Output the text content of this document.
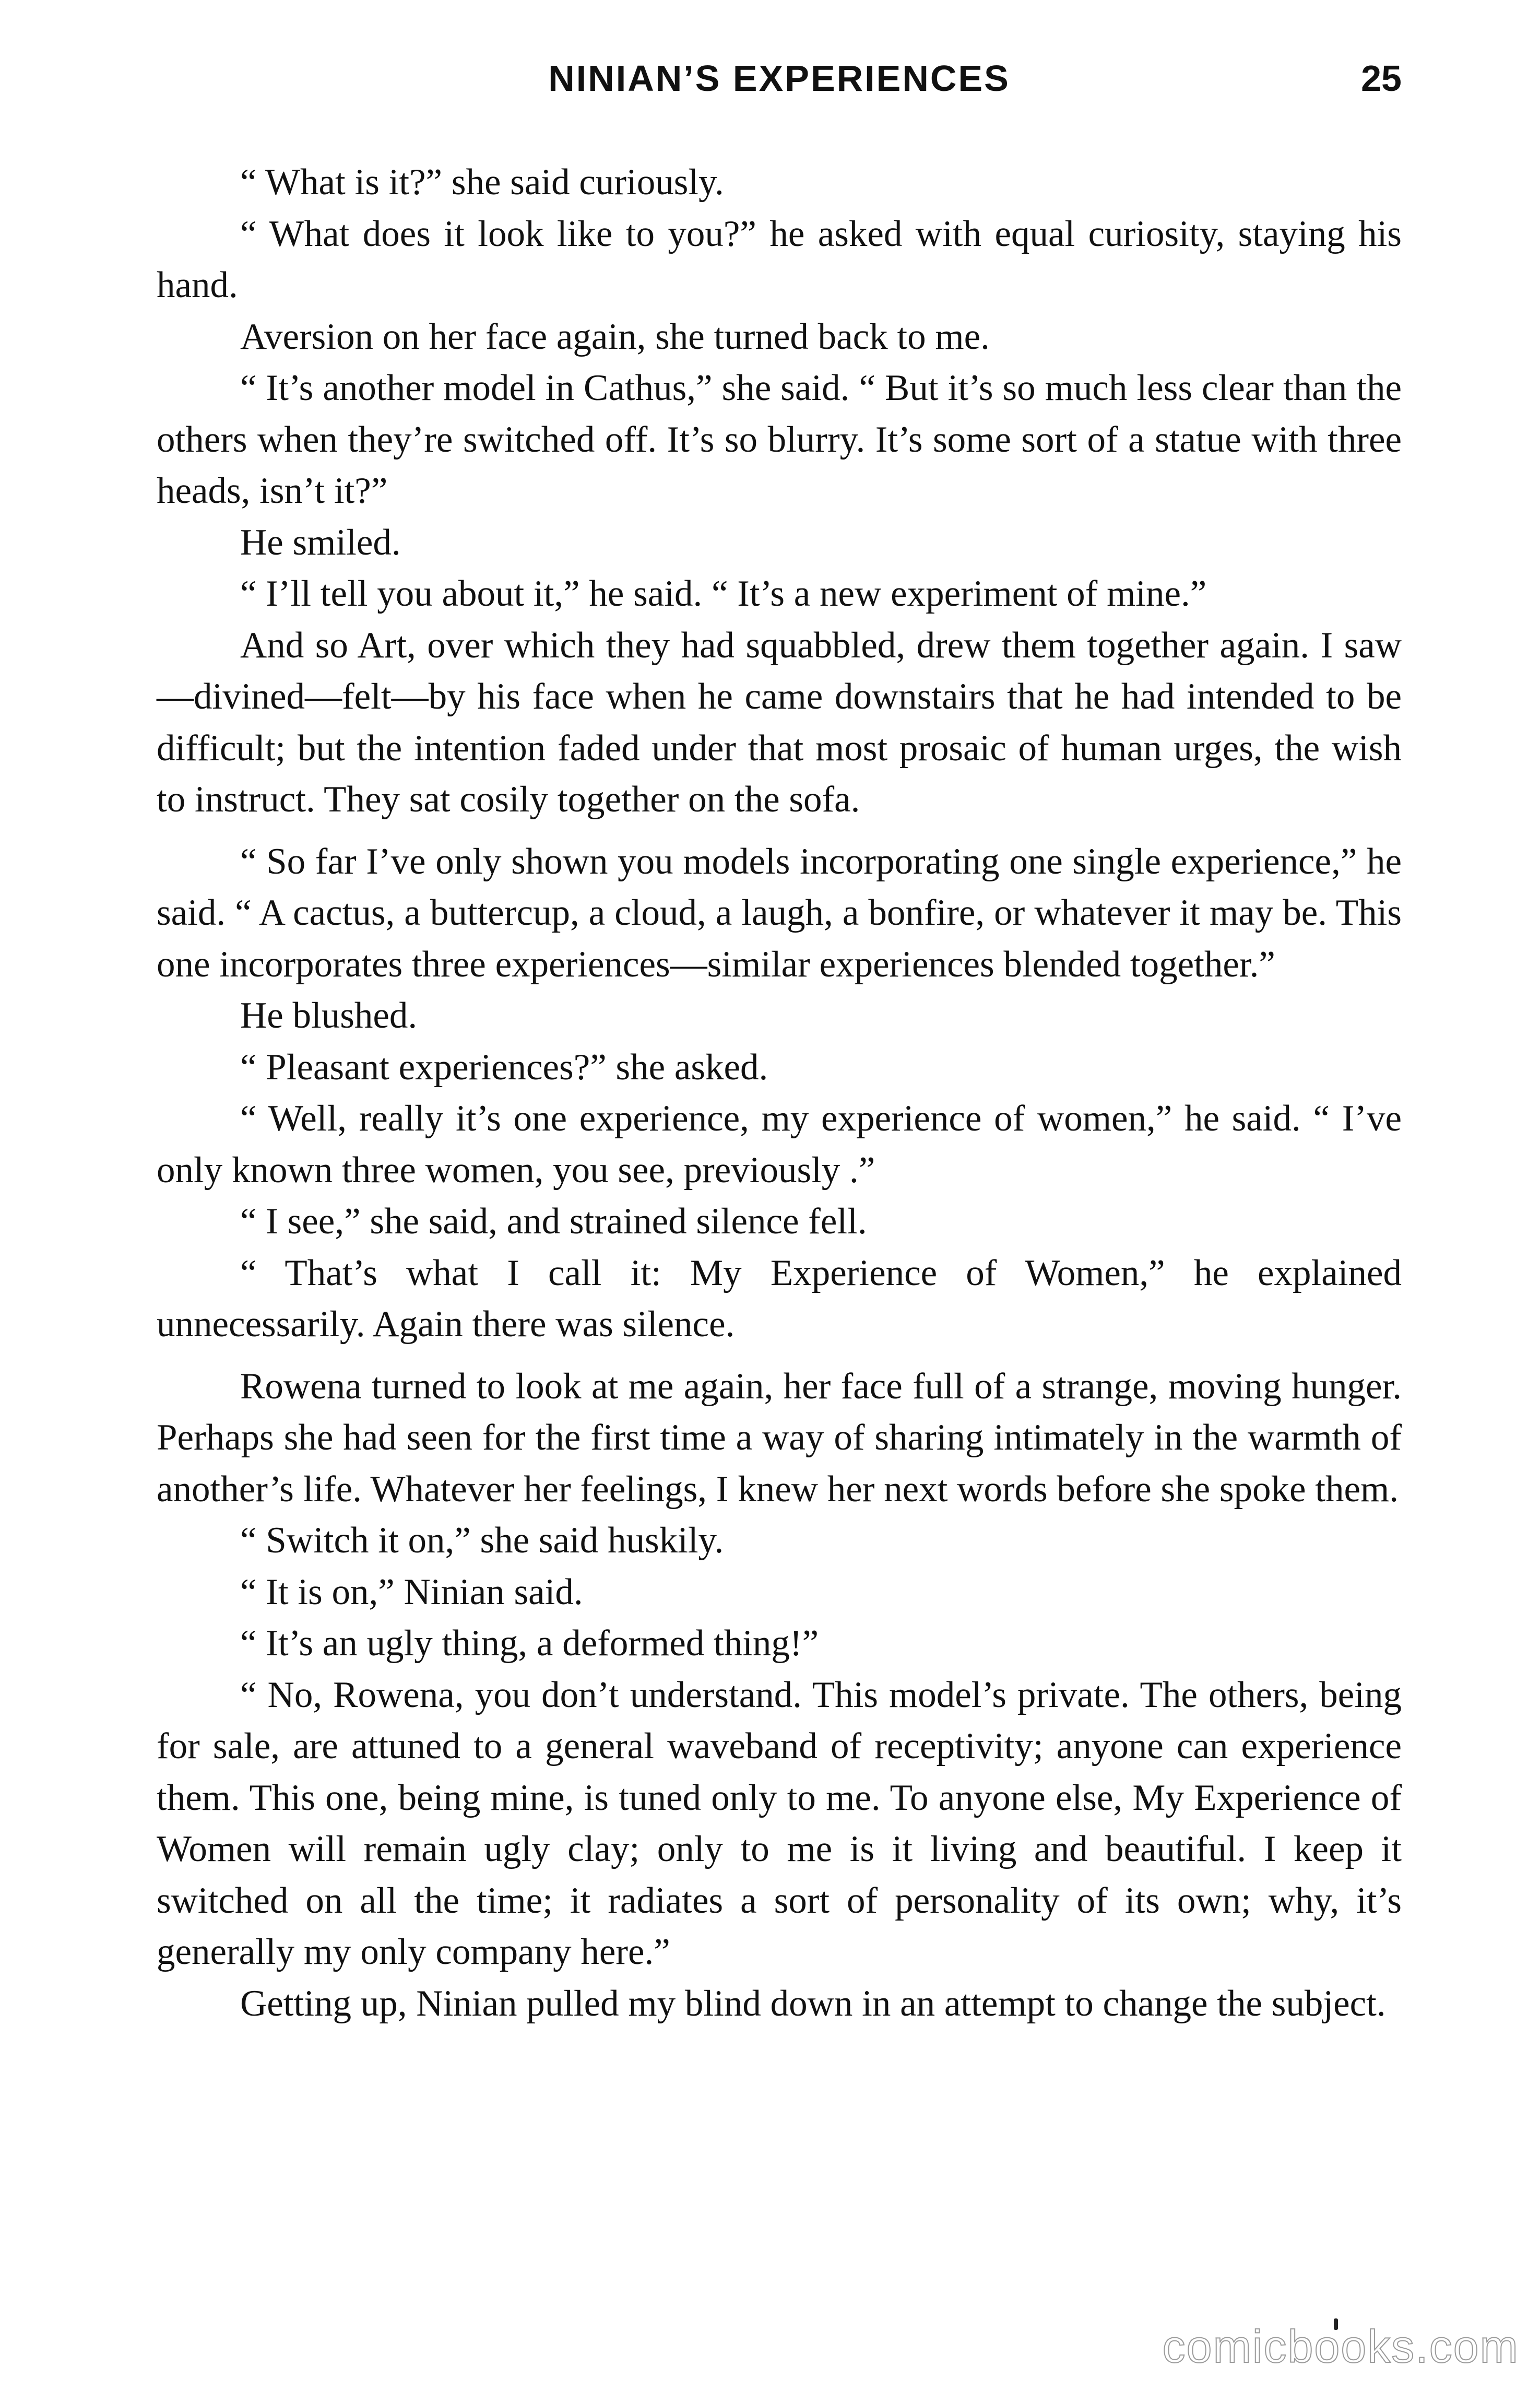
NINIAN’S EXPERIENCES	25

“ What is it?” she said curiously.

“ What does it look like to you?” he asked with equal curiosity, staying his hand.

Aversion on her face again, she turned back to me.

“ It’s another model in Cathus,” she said. “ But it’s so much less clear than the others when they’re switched off. It’s so blurry. It’s some sort of a statue with three heads, isn’t it?”

He smiled.

“ I’ll tell you about it,” he said. “ It’s a new experiment of mine.”

And so Art, over which they had squabbled, drew them together again. I saw—divined—felt—by his face when he came downstairs that he had intended to be difficult; but the intention faded under that most prosaic of human urges, the wish to instruct. They sat cosily together on the sofa.

“ So far I’ve only shown you models incorporating one single experience,” he said. “ A cactus, a buttercup, a cloud, a laugh, a bonfire, or whatever it may be. This one incorporates three experiences—similar experiences blended together.”

He blushed.

“ Pleasant experiences?” she asked.

“ Well, really it’s one experience, my experience of women,” he said. “ I’ve only known three women, you see, previously .”

“ I see,” she said, and strained silence fell.

“ That’s what I call it: My Experience of Women,” he explained unnecessarily. Again there was silence.

Rowena turned to look at me again, her face full of a strange, moving hunger. Perhaps she had seen for the first time a way of sharing intimately in the warmth of another’s life. Whatever her feelings, I knew her next words before she spoke them.

“ Switch it on,” she said huskily.

“ It is on,” Ninian said.

“ It’s an ugly thing, a deformed thing!”

“ No, Rowena, you don’t understand. This model’s private. The others, being for sale, are attuned to a general waveband of receptivity; anyone can experience them. This one, being mine, is tuned only to me. To anyone else, My Experience of Women will remain ugly clay; only to me is it living and beautiful. I keep it switched on all the time; it radiates a sort of personality of its own; why, it’s generally my only company here.”

Getting up, Ninian pulled my blind down in an attempt to change the subject.

comicbooks.com
